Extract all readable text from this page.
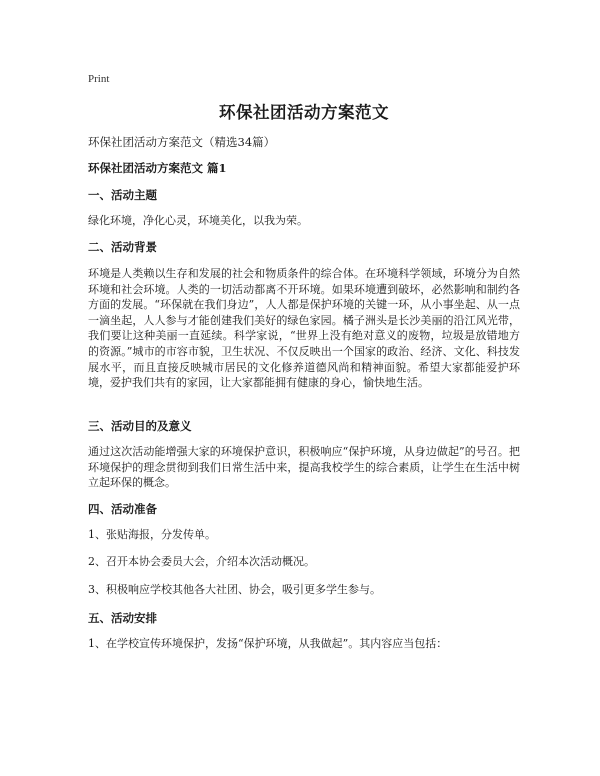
Print
环保社团活动方案范文

环保社团活动方案范文（精选34篇）

环保社团活动方案范文 篇1

一、活动主题

绿化环境，净化心灵，环境美化，以我为荣。

二、活动背景

环境是人类赖以生存和发展的社会和物质条件的综合体。在环境科学领域，环境分为自然环境和社会环境。人类的一切活动都离不开环境。如果环境遭到破坏，必然影响和制约各方面的发展。“环保就在我们身边”，人人都是保护环境的关键一环，从小事坐起、从一点一滴坐起，人人参与才能创建我们美好的绿色家园。橘子洲头是长沙美丽的沿江风光带，我们要让这种美丽一直延续。科学家说，“世界上没有绝对意义的废物，垃圾是放错地方的资源。”城市的市容市貌，卫生状况、不仅反映出一个国家的政治、经济、文化、科技发展水平，而且直接反映城市居民的文化修养道德风尚和精神面貌。希望大家都能爱护环境，爱护我们共有的家园，让大家都能拥有健康的身心，愉快地生活。

三、活动目的及意义

通过这次活动能增强大家的环境保护意识，积极响应“保护环境，从身边做起”的号召。把环境保护的理念贯彻到我们日常生活中来，提高我校学生的综合素质，让学生在生活中树立起环保的概念。

四、活动准备

1、张贴海报，分发传单。

2、召开本协会委员大会，介绍本次活动概况。

3、积极响应学校其他各大社团、协会，吸引更多学生参与。

五、活动安排

1、在学校宣传环境保护，发扬“保护环境，从我做起”。其内容应当包括：
